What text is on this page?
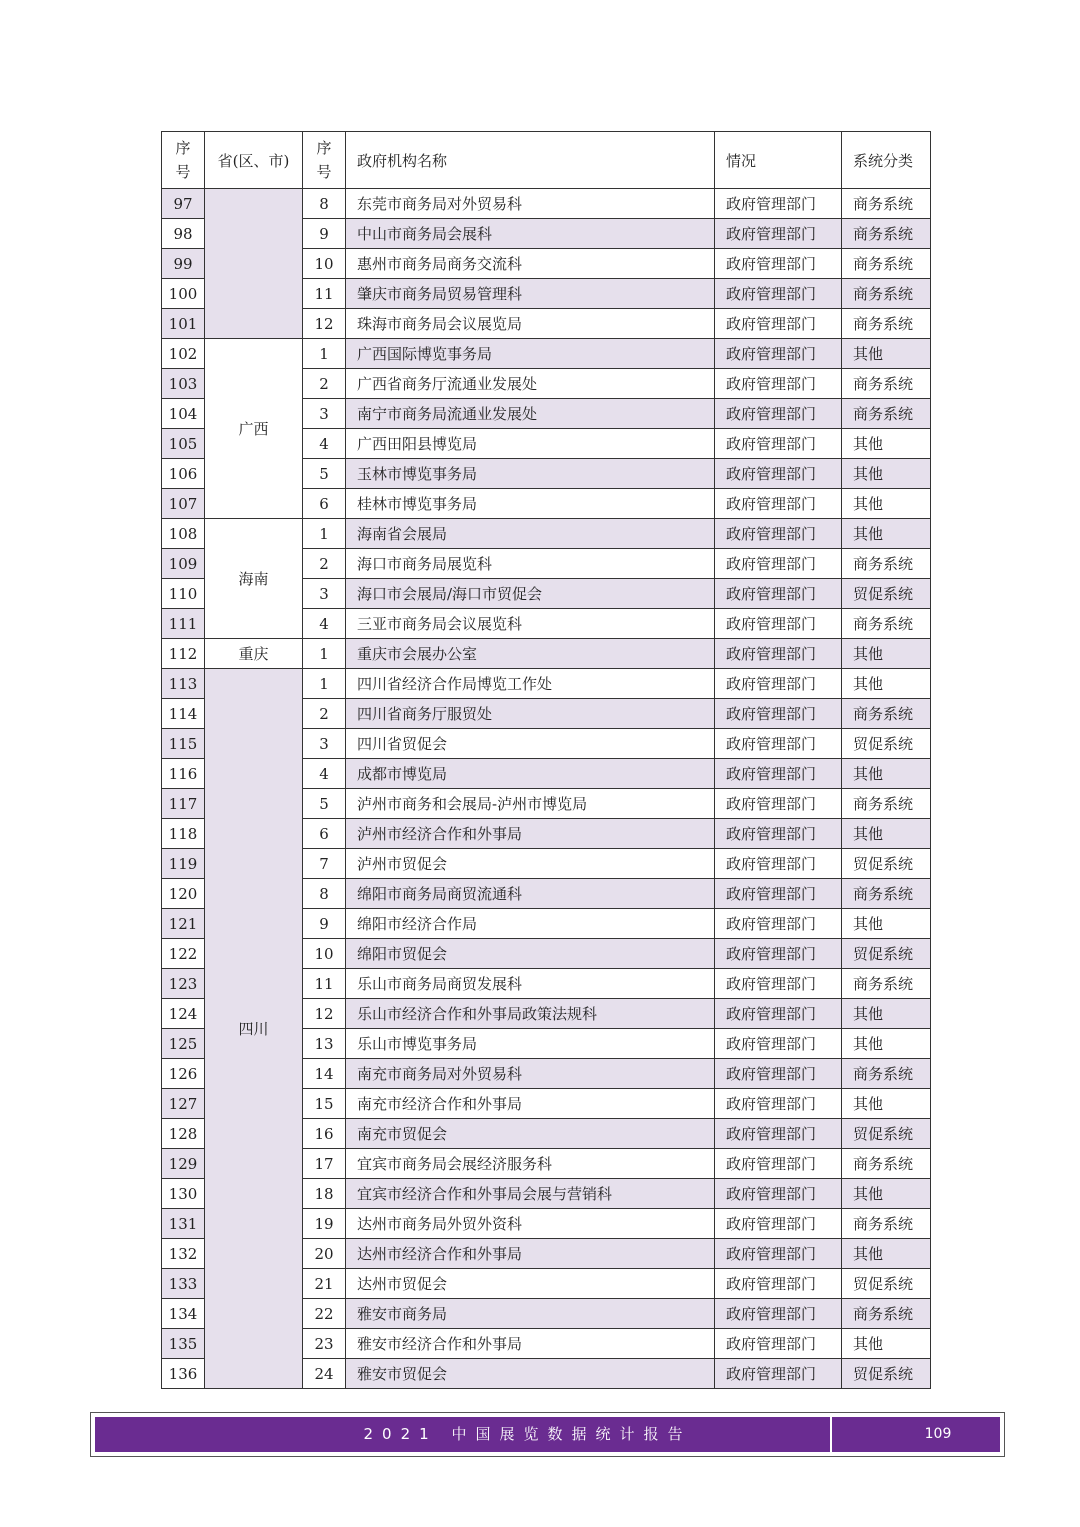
序号	省(区、市)	序号	政府机构名称	情况	系统分类
97		8	东莞市商务局对外贸易科	政府管理部门	商务系统
98		9	中山市商务局会展科	政府管理部门	商务系统
99		10	惠州市商务局商务交流科	政府管理部门	商务系统
100		11	肇庆市商务局贸易管理科	政府管理部门	商务系统
101		12	珠海市商务局会议展览局	政府管理部门	商务系统
102	广西	1	广西国际博览事务局	政府管理部门	其他
103		2	广西省商务厅流通业发展处	政府管理部门	商务系统
104		3	南宁市商务局流通业发展处	政府管理部门	商务系统
105		4	广西田阳县博览局	政府管理部门	其他
106		5	玉林市博览事务局	政府管理部门	其他
107		6	桂林市博览事务局	政府管理部门	其他
108	海南	1	海南省会展局	政府管理部门	其他
109		2	海口市商务局展览科	政府管理部门	商务系统
110		3	海口市会展局/海口市贸促会	政府管理部门	贸促系统
111		4	三亚市商务局会议展览科	政府管理部门	商务系统
112	重庆	1	重庆市会展办公室	政府管理部门	其他
113	四川	1	四川省经济合作局博览工作处	政府管理部门	其他
114		2	四川省商务厅服贸处	政府管理部门	商务系统
115		3	四川省贸促会	政府管理部门	贸促系统
116		4	成都市博览局	政府管理部门	其他
117		5	泸州市商务和会展局-泸州市博览局	政府管理部门	商务系统
118		6	泸州市经济合作和外事局	政府管理部门	其他
119		7	泸州市贸促会	政府管理部门	贸促系统
120		8	绵阳市商务局商贸流通科	政府管理部门	商务系统
121		9	绵阳市经济合作局	政府管理部门	其他
122		10	绵阳市贸促会	政府管理部门	贸促系统
123		11	乐山市商务局商贸发展科	政府管理部门	商务系统
124		12	乐山市经济合作和外事局政策法规科	政府管理部门	其他
125		13	乐山市博览事务局	政府管理部门	其他
126		14	南充市商务局对外贸易科	政府管理部门	商务系统
127		15	南充市经济合作和外事局	政府管理部门	其他
128		16	南充市贸促会	政府管理部门	贸促系统
129		17	宜宾市商务局会展经济服务科	政府管理部门	商务系统
130		18	宜宾市经济合作和外事局会展与营销科	政府管理部门	其他
131		19	达州市商务局外贸外资科	政府管理部门	商务系统
132		20	达州市经济合作和外事局	政府管理部门	其他
133		21	达州市贸促会	政府管理部门	贸促系统
134		22	雅安市商务局	政府管理部门	商务系统
135		23	雅安市经济合作和外事局	政府管理部门	其他
136		24	雅安市贸促会	政府管理部门	贸促系统
2021 中国展览数据统计报告	109
